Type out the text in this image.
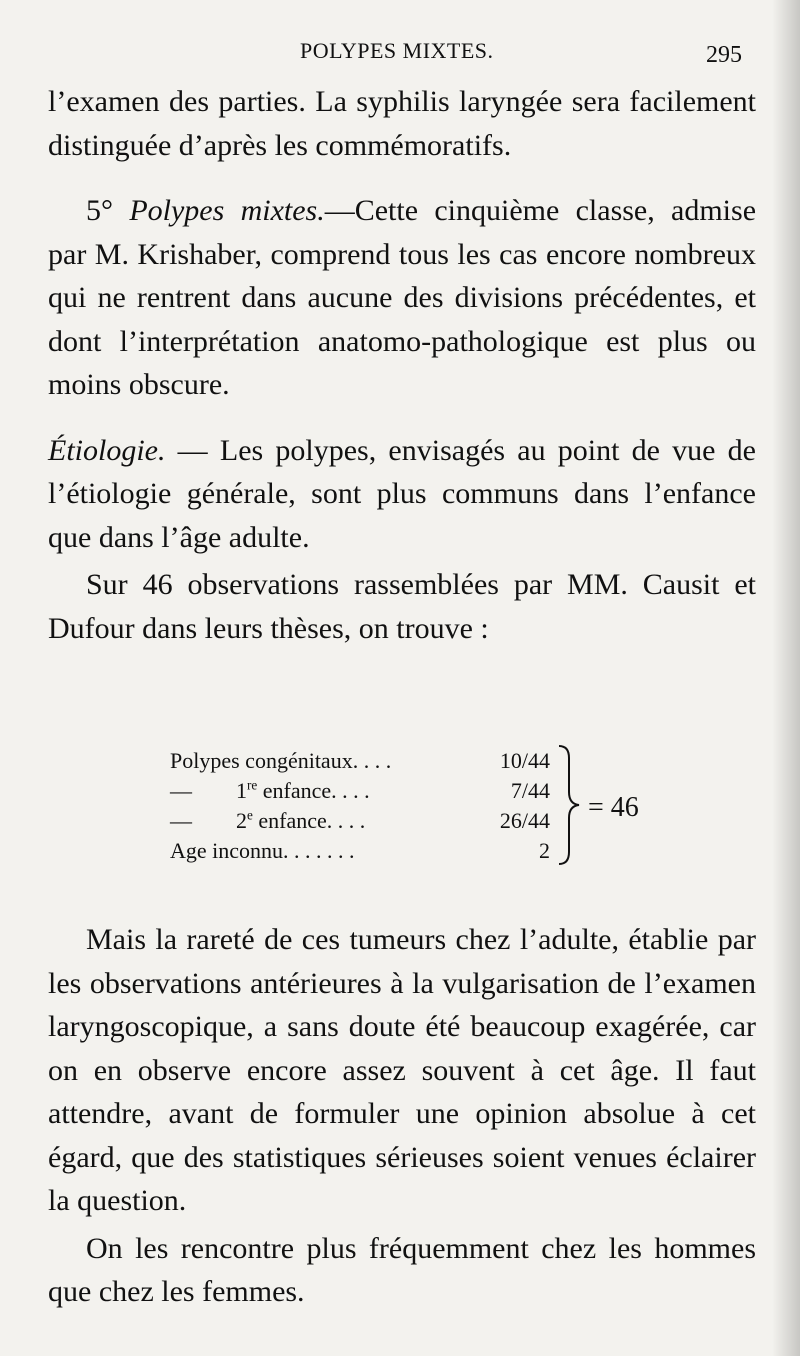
POLYPES MIXTES.	295

l’examen des parties. La syphilis laryngée sera facilement distinguée d’après les commémoratifs.

5° Polypes mixtes.—Cette cinquième classe, admise par M. Krishaber, comprend tous les cas encore nombreux qui ne rentrent dans aucune des divisions précédentes, et dont l’interprétation anatomo-pathologique est plus ou moins obscure.

Étiologie. — Les polypes, envisagés au point de vue de l’étiologie générale, sont plus communs dans l’enfance que dans l’âge adulte.

Sur 46 observations rassemblées par MM. Causit et Dufour dans leurs thèses, on trouve :

Polypes congénitaux. . . .	10/44
—        1re enfance. . . .	7/44
—        2e enfance. . . .	26/44
Age inconnu. . . . . . .	2
= 46

Mais la rareté de ces tumeurs chez l’adulte, établie par les observations antérieures à la vulgarisation de l’examen laryngoscopique, a sans doute été beaucoup exagérée, car on en observe encore assez souvent à cet âge. Il faut attendre, avant de formuler une opinion absolue à cet égard, que des statistiques sérieuses soient venues éclairer la question.

On les rencontre plus fréquemment chez les hommes que chez les femmes.
